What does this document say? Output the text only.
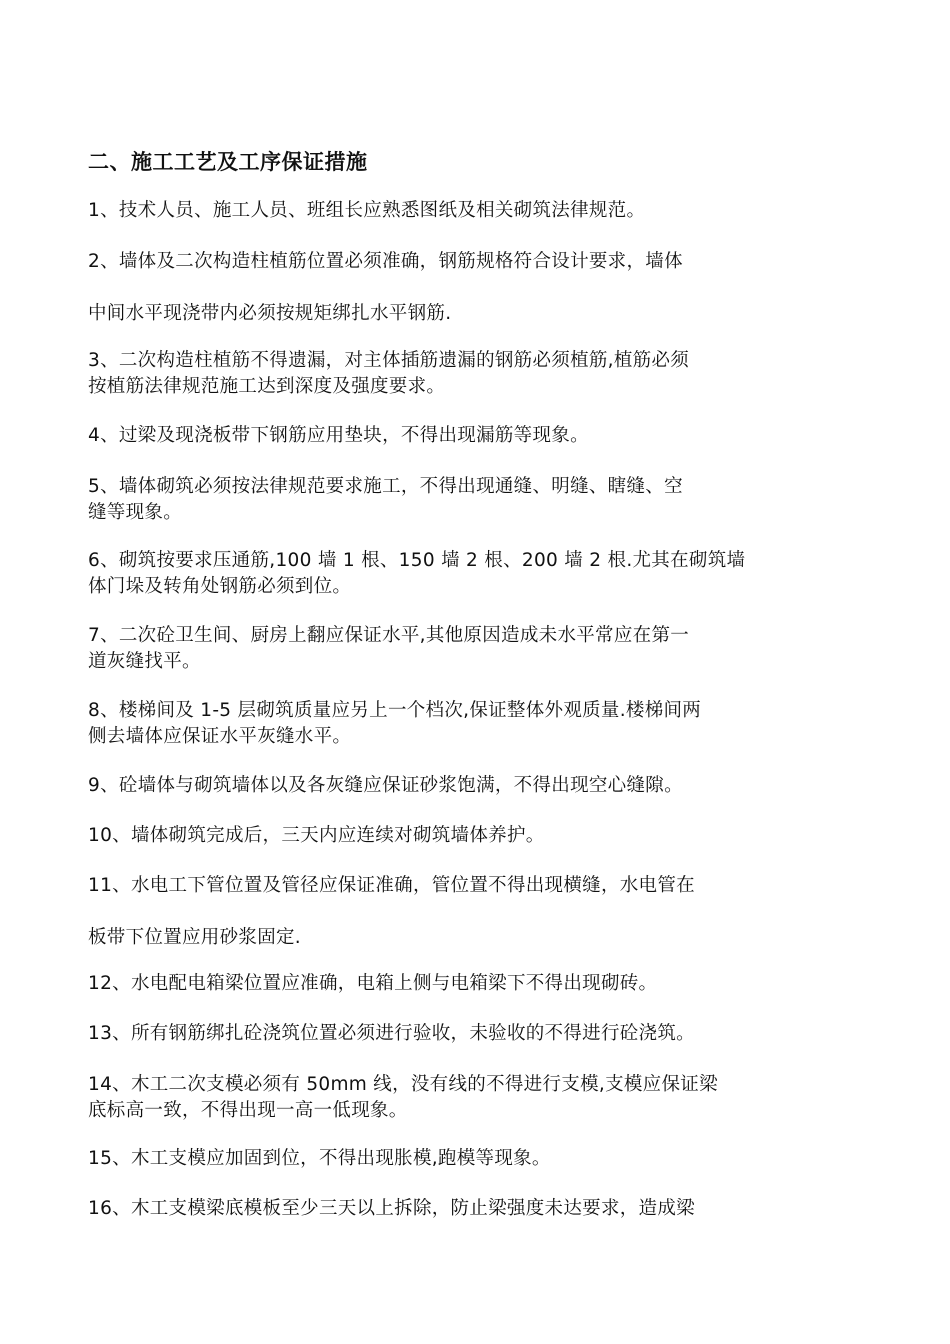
二、施工工艺及工序保证措施
1、技术人员、施工人员、班组长应熟悉图纸及相关砌筑法律规范。
2、墙体及二次构造柱植筋位置必须准确，钢筋规格符合设计要求，墙体
中间水平现浇带内必须按规矩绑扎水平钢筋.
3、二次构造柱植筋不得遗漏，对主体插筋遗漏的钢筋必须植筋,植筋必须
按植筋法律规范施工达到深度及强度要求。
4、过梁及现浇板带下钢筋应用垫块，不得出现漏筋等现象。
5、墙体砌筑必须按法律规范要求施工，不得出现通缝、明缝、瞎缝、空
缝等现象。
6、砌筑按要求压通筋,100 墙 1 根、150 墙 2 根、200 墙 2 根.尤其在砌筑墙
体门垛及转角处钢筋必须到位。
7、二次砼卫生间、厨房上翻应保证水平,其他原因造成未水平常应在第一
道灰缝找平。
8、楼梯间及 1-5 层砌筑质量应另上一个档次,保证整体外观质量.楼梯间两
侧去墙体应保证水平灰缝水平。
9、砼墙体与砌筑墙体以及各灰缝应保证砂浆饱满，不得出现空心缝隙。
10、墙体砌筑完成后，三天内应连续对砌筑墙体养护。
11、水电工下管位置及管径应保证准确，管位置不得出现横缝，水电管在
板带下位置应用砂浆固定.
12、水电配电箱梁位置应准确，电箱上侧与电箱梁下不得出现砌砖。
13、所有钢筋绑扎砼浇筑位置必须进行验收，未验收的不得进行砼浇筑。
14、木工二次支模必须有 50mm 线，没有线的不得进行支模,支模应保证梁
底标高一致，不得出现一高一低现象。
15、木工支模应加固到位，不得出现胀模,跑模等现象。
16、木工支模梁底模板至少三天以上拆除，防止梁强度未达要求，造成梁
